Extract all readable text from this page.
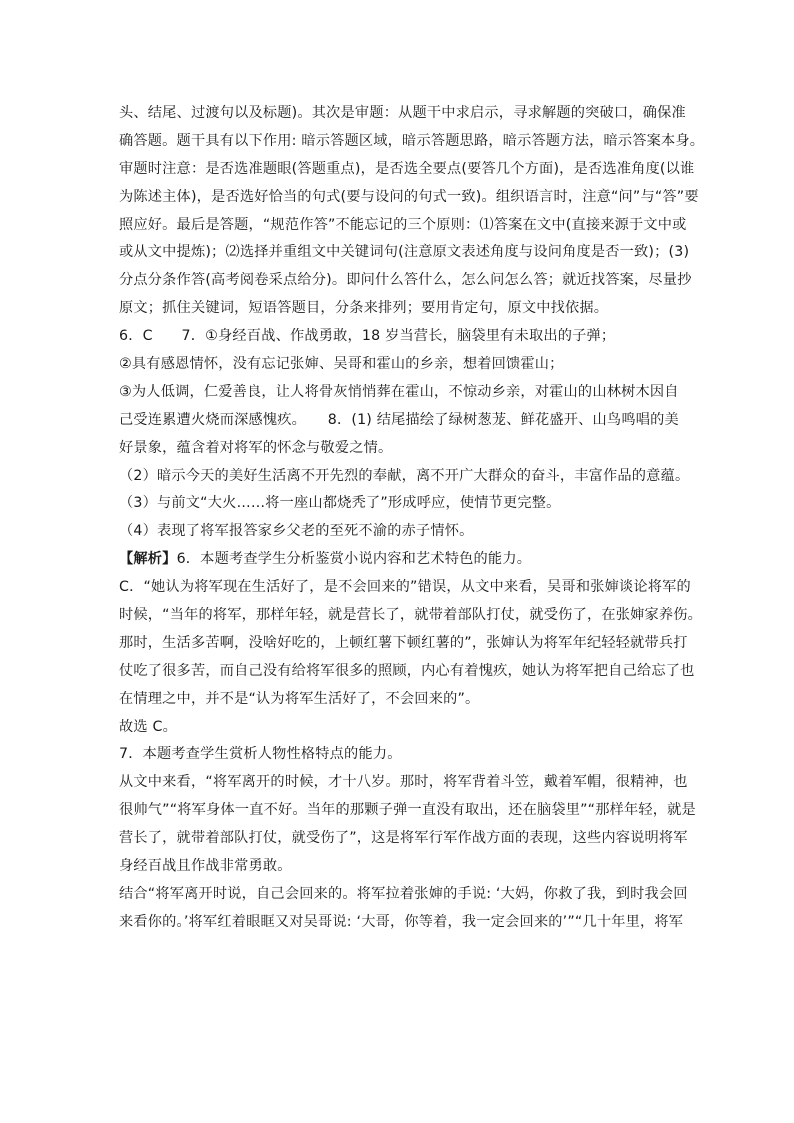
头、结尾、过渡句以及标题)。其次是审题：从题干中求启示，寻求解题的突破口，确保准
确答题。题干具有以下作用: 暗示答题区域，暗示答题思路，暗示答题方法，暗示答案本身。
审题时注意：是否选准题眼(答题重点)，是否选全要点(要答几个方面)，是否选准角度(以谁
为陈述主体)，是否选好恰当的句式(要与设问的句式一致)。组织语言时，注意“问”与“答”要
照应好。最后是答题，“规范作答”不能忘记的三个原则：⑴答案在文中(直接来源于文中或
或从文中提炼)；⑵选择并重组文中关键词句(注意原文表述角度与设问角度是否一致)；(3)
分点分条作答(高考阅卷采点给分)。即问什么答什么，怎么问怎么答；就近找答案，尽量抄
原文；抓住关键词，短语答题目，分条来排列；要用肯定句，原文中找依据。
6．C　　7．①身经百战、作战勇敢，18 岁当营长，脑袋里有未取出的子弹；
②具有感恩情怀，没有忘记张婶、吴哥和霍山的乡亲，想着回馈霍山；
③为人低调，仁爱善良，让人将骨灰悄悄葬在霍山，不惊动乡亲，对霍山的山林树木因自
己受连累遭火烧而深感愧疚。　　8．(1) 结尾描绘了绿树葱茏、鲜花盛开、山鸟鸣唱的美
好景象，蕴含着对将军的怀念与敬爱之情。
（2）暗示今天的美好生活离不开先烈的奉献，离不开广大群众的奋斗，丰富作品的意蕴。
（3）与前文“大火……将一座山都烧秃了”形成呼应，使情节更完整。
（4）表现了将军报答家乡父老的至死不渝的赤子情怀。
【解析】6．本题考查学生分析鉴赏小说内容和艺术特色的能力。
C．“她认为将军现在生活好了，是不会回来的”错误，从文中来看，吴哥和张婶谈论将军的
时候，“当年的将军，那样年轻，就是营长了，就带着部队打仗，就受伤了，在张婶家养伤。
那时，生活多苦啊，没啥好吃的，上顿红薯下顿红薯的”，张婶认为将军年纪轻轻就带兵打
仗吃了很多苦，而自己没有给将军很多的照顾，内心有着愧疚，她认为将军把自己给忘了也
在情理之中，并不是“认为将军生活好了，不会回来的”。
故选 C。
7．本题考查学生赏析人物性格特点的能力。
从文中来看，“将军离开的时候，才十八岁。那时，将军背着斗笠，戴着军帽，很精神，也
很帅气”“将军身体一直不好。当年的那颗子弹一直没有取出，还在脑袋里”“那样年轻，就是
营长了，就带着部队打仗，就受伤了”，这是将军行军作战方面的表现，这些内容说明将军
身经百战且作战非常勇敢。
结合“将军离开时说，自己会回来的。将军拉着张婶的手说: ‘大妈，你救了我，到时我会回
来看你的。’将军红着眼眶又对吴哥说: ‘大哥，你等着，我一定会回来的’”“几十年里，将军
